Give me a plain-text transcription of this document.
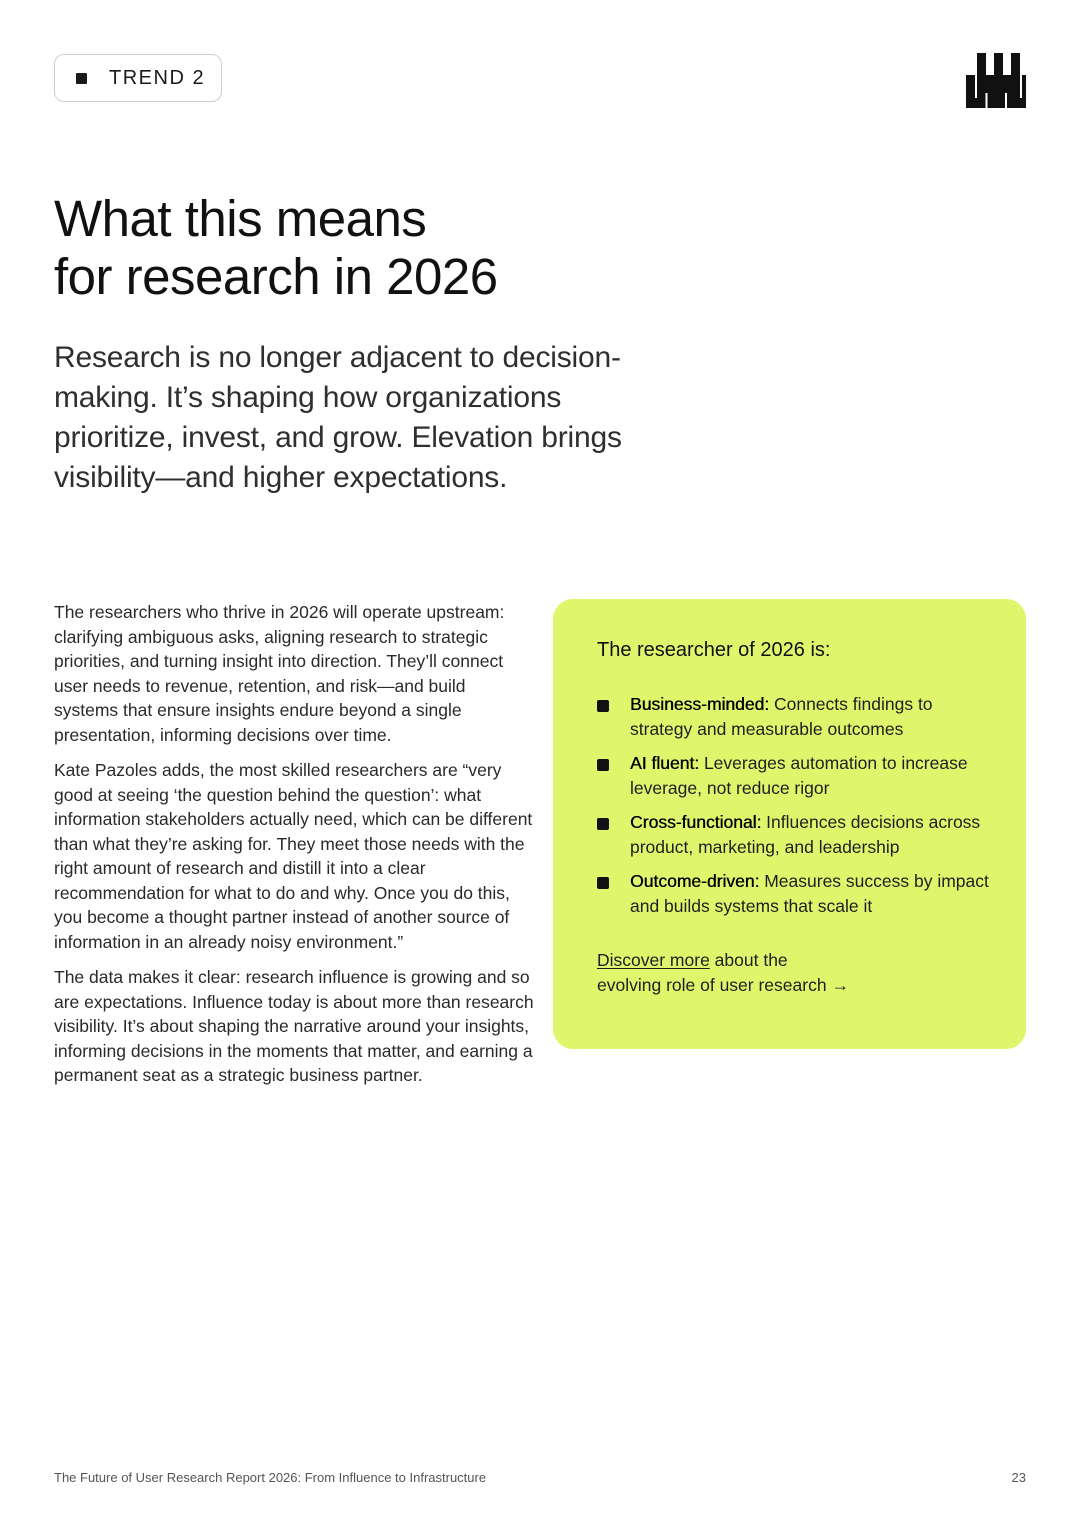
TREND 2
What this means
for research in 2026

Research is no longer adjacent to decision-making. It’s shaping how organizations prioritize, invest, and grow. Elevation brings visibility—and higher expectations.

The researchers who thrive in 2026 will operate upstream: clarifying ambiguous asks, aligning research to strategic priorities, and turning insight into direction. They’ll connect user needs to revenue, retention, and risk—and build systems that ensure insights endure beyond a single presentation, informing decisions over time.

Kate Pazoles adds, the most skilled researchers are “very good at seeing ‘the question behind the question’: what information stakeholders actually need, which can be different than what they’re asking for. They meet those needs with the right amount of research and distill it into a clear recommendation for what to do and why. Once you do this, you become a thought partner instead of another source of information in an already noisy environment.”

The data makes it clear: research influence is growing and so are expectations. Influence today is about more than research visibility. It’s about shaping the narrative around your insights, informing decisions in the moments that matter, and earning a permanent seat as a strategic business partner.

The researcher of 2026 is:

Business-minded: Connects findings to strategy and measurable outcomes
AI fluent: Leverages automation to increase leverage, not reduce rigor
Cross-functional: Influences decisions across product, marketing, and leadership
Outcome-driven: Measures success by impact and builds systems that scale it
Discover more about the
evolving role of user research →
The Future of User Research Report 2026: From Influence to Infrastructure	23
